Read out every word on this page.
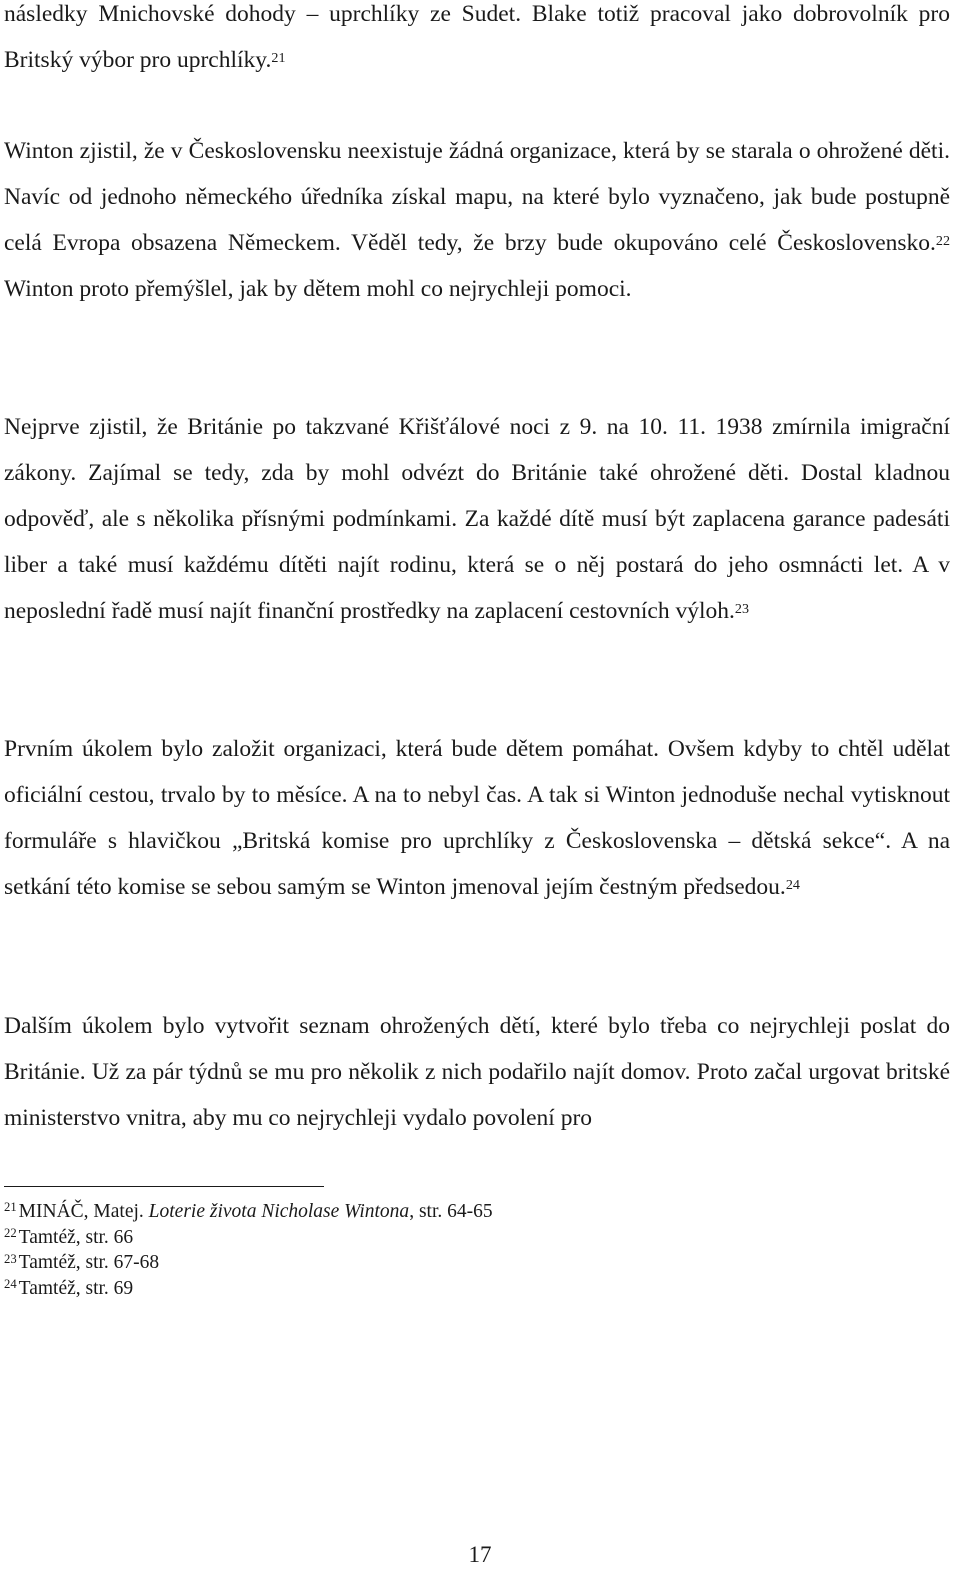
následky Mnichovské dohody – uprchlíky ze Sudet. Blake totiž pracoval jako dobrovolník pro Britský výbor pro uprchlíky.$^{21}$

Winton zjistil, že v Československu neexistuje žádná organizace, která by se starala o ohrožené děti. Navíc od jednoho německého úředníka získal mapu, na které bylo vyznačeno, jak bude postupně celá Evropa obsazena Německem. Věděl tedy, že brzy bude okupováno celé Československo.$^{22}$ Winton proto přemýšlel, jak by dětem mohl co nejrychleji pomoci.

Nejprve zjistil, že Británie po takzvané Křišťálové noci z 9. na 10. 11. 1938 zmírnila imigrační zákony. Zajímal se tedy, zda by mohl odvézt do Británie také ohrožené děti. Dostal kladnou odpověď, ale s několika přísnými podmínkami. Za každé dítě musí být zaplacena garance padesáti liber a také musí každému dítěti najít rodinu, která se o něj postará do jeho osmnácti let. A v neposlední řadě musí najít finanční prostředky na zaplacení cestovních výloh.$^{23}$

Prvním úkolem bylo založit organizaci, která bude dětem pomáhat. Ovšem kdyby to chtěl udělat oficiální cestou, trvalo by to měsíce. A na to nebyl čas. A tak si Winton jednoduše nechal vytisknout formuláře s hlavičkou „Britská komise pro uprchlíky z Československa – dětská sekce“. A na setkání této komise se sebou samým se Winton jmenoval jejím čestným předsedou.$^{24}$

Dalším úkolem bylo vytvořit seznam ohrožených dětí, které bylo třeba co nejrychleji poslat do Británie. Už za pár týdnů se mu pro několik z nich podařilo najít domov. Proto začal urgovat britské ministerstvo vnitra, aby mu co nejrychleji vydalo povolení pro

$^{21}$ MINÁČ, Matej. Loterie života Nicholase Wintona, str. 64-65

$^{22}$ Tamtéž, str. 66

$^{23}$ Tamtéž, str. 67-68

$^{24}$ Tamtéž, str. 69

17
